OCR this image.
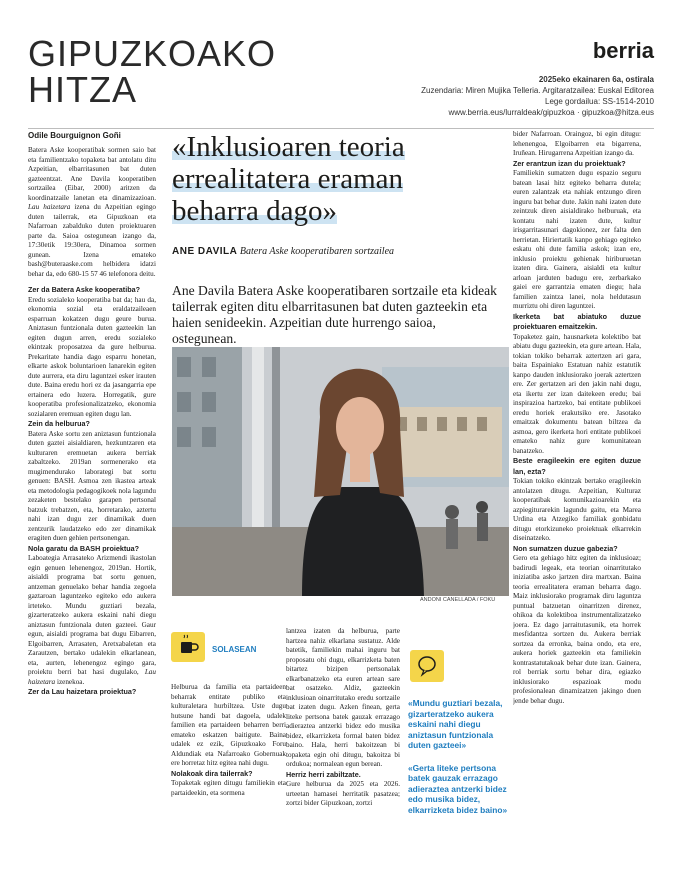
GIPUZKOAKO
HITZA
berria
2025eko ekainaren 6a, ostirala
Zuzendaria: Miren Mujika Telleria. Argitaratzailea: Euskal Editorea
Lege gordailua: SS-1514-2010
www.berria.eus/lurraldeak/gipuzkoa · gipuzkoa@hitza.eus
Odile Bourguignon Goñi

Batera Aske kooperatibak sormen saio bat eta familientzako topaketa bat antolatu ditu Azpeitian, elbarritasunen bat duten gazteentzat. Ane Davila kooperatiben sortzailea (Eibar, 2000) aritzen da koordinatzaile lanetan eta dinamizazioan. Lau haizetara izena du Azpeitian egingo duten tailerrak, eta Gipuzkoan eta Nafarroan zabalduko duten proiektuaren parte da. Saioa ostegunean izango da, 17:30etik 19:30era, Dinamoa sormen gunean. Izena emateko bash@buteraaske.com helbidera idatzi behar da, edo 680-15 57 46 telefonora deitu.

Zer da Batera Aske kooperatiba?

Eredu sozialeko kooperatiba bat da; hau da, ekonomia sozial eta eraldatzaileaen esparruan kokatzen dugu geure burua. Aniztasun funtzionala duten gazteekin lan egiten dugun arren, eredu sozialeko ekintzak proposatzea da gure helburua. Prekaritate handia dago esparru honetan, elkarte askok boluntarioen lanarekin egiten dute aurrera, eta diru laguntzei esker irauten dute. Baina eredu hori ez da jasangarria epe ertainera edo luzera. Horregatik, gure kooperatiba profesionalizatzeko, ekonomia sozialaren eremuan egiten dugu lan.

Zein da helburua?

Batera Aske sortu zen aniztasun funtzionala duten gaztei aisialdiaren, hezkuntzaren eta kulturaren eremuetan aukera berriak zabaltzeko. 2019an sormenerako eta mugimendurako laborategi bat sortu genuen: BASH. Asmoa zen ikastea arteak eta metodologia pedagogikoek nola lagundu zezaketen bestelako garapen pertsonal batzuk trebatzen, eta, horretarako, aztertu nahi izan dugu zer dinamikak duen zentzurik laudatzeko edo zer dinamikak eragiten duen gehien pertsonengan.

Nola garatu da BASH proiektua?

Laboategia Arrasateko Arizmendi ikastolan egin genuen lehenengoz, 2019an. Hortik, aisialdi programa bat sortu genuen, antzeman genuelako behar handia zegoela gaztaroan laguntzeko egiteko edo aukera irteteko. Mundu guztiari bezala, gizarteratzeko aukera eskaini nahi diegu aniztasun funtzionala duten gazteei. Gaur egun, aisialdi programa bat dugu Eibarren, Elgoibarren, Arrasaten, Aretxabaletan eta Zarautzen, bertako udalekin elkarlanean, eta, aurten, lehenengoz egingo gara, proiektu berri bat hasi dugulako, Lau haizetara izenekoa.

Zer da Lau haizetara proiektua?

«Inklusioaren teoria
errealitatera eraman
beharra dago»
ANE DAVILA Batera Aske kooperatibaren sortzailea
Ane Davila Batera Aske kooperatibaren sortzaile eta kideak tailerrak egiten ditu elbarritasunen bat duten gazteekin eta haien senideekin. Azpeitian dute hurrengo saioa, ostegunean.
ANDONI CANELLADA / FOKU
SOLASEAN

Helburua da familia eta partaideen beharrak entitate publiko eta kulturaletara hurbiltzea. Uste dugu hutsune handi bat dagoela, udalek familien eta partaideen beharren berri emateko eskatzen baitigute. Baina udalek ez ezik, Gipuzkoako Foru Aldundiak eta Nafarroako Gobernuak ere horretaz hitz egitea nahi dugu.

Nolakoak dira tailerrak?

Topaketak egiten ditugu familiekin eta partaideekin, eta sormena

lantzea izaten da helburua, parte hartzea nahiz elkarlana sustatuz. Alde batetik, familiekin mahai inguru bat proposatu ohi dugu, elkarrizketa baten bitartez bizipen pertsonalak elkarbanatzeko eta euren artean sare bat osatzeko. Aldiz, gazteekin inklusioan oinarritutako eredu sortzaile bat izaten dugu. Azken finean, gerta liteke pertsona batek gauzak errazago adieraztea antzerki bidez edo musika bidez, elkarrizketa formal baten bidez baino. Hala, herri bakoitzean bi topaketa egin ohi ditugu, bakoitza bi ordukoa; normalean egun berean.

Herriz herri zabiltzate.

Gure helburua da 2025 eta 2026. urteetan hamasei herritatik pasatzea; zortzi bider Gipuzkoan, zortzi

«Mundu guztiari bezala, gizarteratzeko aukera eskaini nahi diegu aniztasun funtzionala duten gazteei»

«Gerta liteke pertsona batek gauzak errazago adierazteа antzerki bidez edo musika bidez, elkarrizketa bidez baino»

bider Nafarroan. Oraingoz, bi egin ditugu: lehenengoa, Elgoibarren eta bigarrena, Iruñean. Hirugarrena Azpeitian izango da.

Zer erantzun izan du proiektuak?

Familiekin sumatzen dugu espazio seguru batean lasai hitz egiteko beharra dutela; euren zalantzak eta nahiak entzungo diren inguru bat behar dute. Jakin nahi izaten dute zeintzuk diren aisialdirako helburuak, eta kontatu nahi izaten dute, kultur irisgarritasunari dagokionez, zer falta den herrietan. Hiriertatik kanpo gehiago egiteko eskatu ohi dute familia askok; izan ere, inklusio proiektu gehienak hiriburuetan izaten dira. Gainera, aisialdi eta kultur arloan jarduten badugu ere, zerbarkako gaiei ere garrantzia ematen diegu; hala familien zaintza lanei, nola heldutasun murriztu ohi diren laguntzei.

Ikerketa bat abiatuko duzue proiektuaren emaitzekin.

Topaketez gain, hausnarketa kolektibo bat abiatu dugu gazteekin, eta gure artean. Hala, tokian tokiko beharrak aztertzen ari gara, baita Espainiako Estatuan nahiz estatutik kanpo dauden inklusiorako joerak aztertzen ere. Zer gertatzen ari den jakin nahi dugu, eta ikertu zer izan daitekeen eredu; bai inspirazioa hartzeko, bai entitate publikoei eredu horiek erakutsiko ere. Jasotako emaitzak dokumentu batean biltzea da asmoa, gero ikerketa hori entitate publikoei emateko nahiz gure komunitatean banatzeko.

Beste eragileekin ere egiten duzue lan, ezta?

Tokian tokiko ekintzak bertako eragileekin antolatzen ditugu. Azpeitian, Kulturaz kooperatibak komunikazioarekin eta azpiegiturarekin lagundu gaitu, eta Marea Urdina eta Atzegiko familiak gonbidatu ditugu etorkizuneko proiektuak elkarrekin diseinatzeko.

Non sumatzen duzue gabezia?

Gero eta gehiago hitz egiten da inklusioaz; badirudi legeak, eta teorian oinarritutako iniziatiba asko jartzen dira martxan. Baina teoria errealitatera eraman beharra dago. Maiz inklusiorako programak diru laguntza puntual batzuetan oinarritzen direnez, ohikoa da kolektiboa instrumentalizatzeko joera. Ez dago jarraitutasunik, eta horrek mesfidantza sortzen du. Aukera berriak sortzea da erronka, baina ondo, eta ere, aukera horiek gazteekin eta familiekin kontrastatutakoak behar dute izan. Gainera, rol berriak sortu behar dira, egiazko inklusiorako espazioak modu profesionalean dinamizatzen jakingo duen jende behar dugu.
